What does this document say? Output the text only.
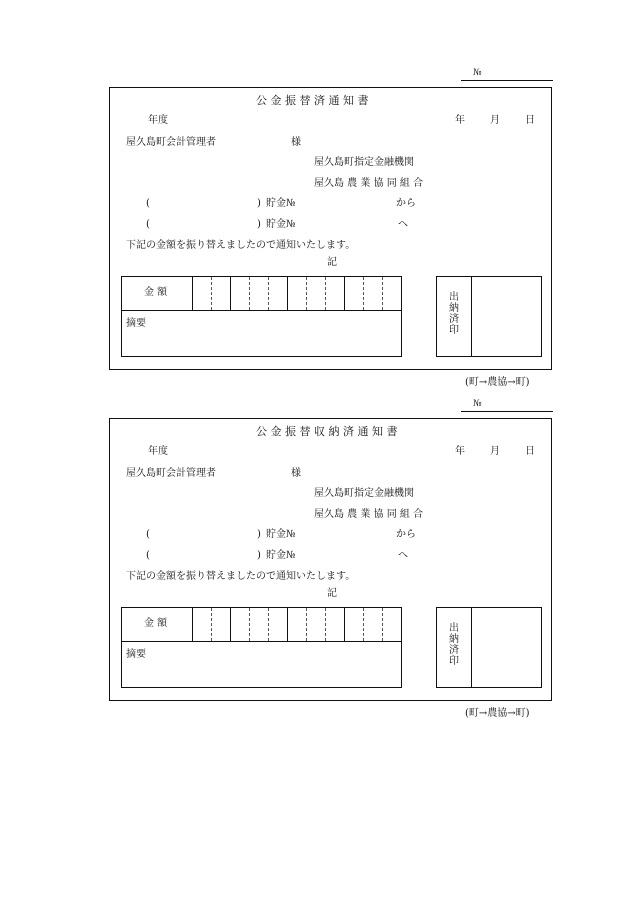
№
公 金 振 替 済 通 知 書
年度	年	月	日
屋久島町会計管理者	様
屋久島町指定金融機関
屋久島 農 業 協 同 組 合
(	) 貯金№	から
(	) 貯金№	へ
下記の金額を振り替えましたので通知いたします。
記
金 額
摘要
出納済印
(町→農協→町)
№
公 金 振 替 収 納 済 通 知 書
年度	年	月	日
屋久島町会計管理者	様
屋久島町指定金融機関
屋久島 農 業 協 同 組 合
(	) 貯金№	から
(	) 貯金№	へ
下記の金額を振り替えましたので通知いたします。
記
金 額
摘要
出納済印
(町→農協→町)
